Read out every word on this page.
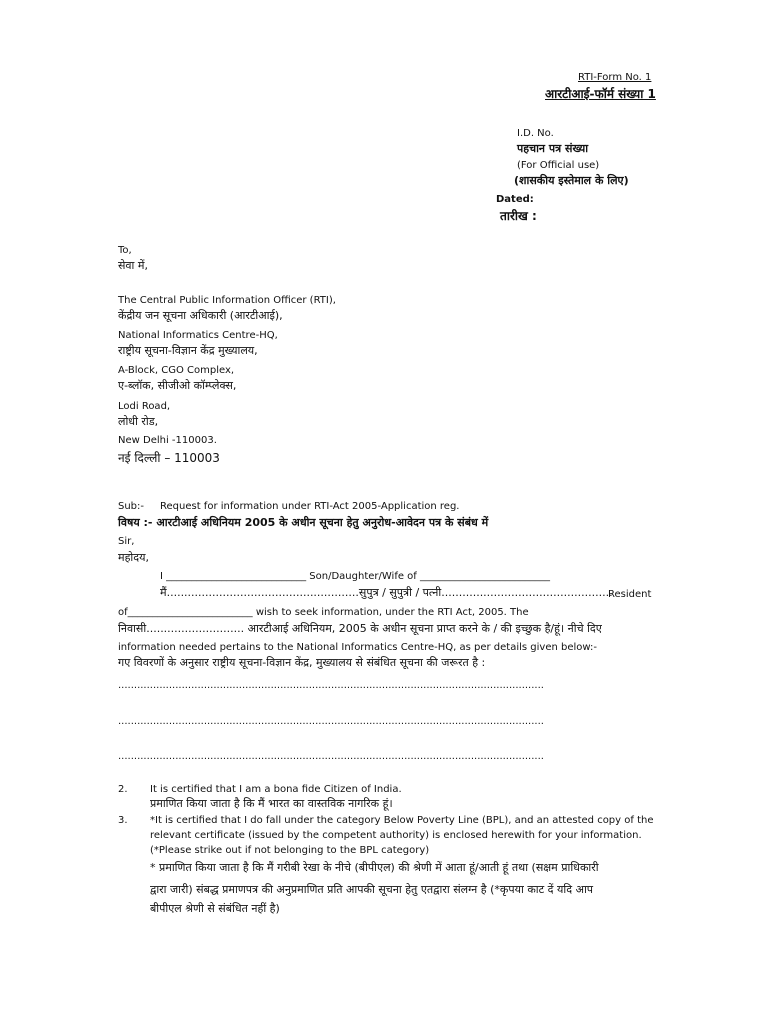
RTI-Form No. 1
आरटीआई-फॉर्म संख्या 1
I.D. No.
पहचान पत्र संख्या
(For Official use)
(शासकीय इस्तेमाल के लिए)
Dated:
तारीख :
To,
सेवा में,
The Central Public Information Officer (RTI),
केंद्रीय जन सूचना अधिकारी (आरटीआई),
National Informatics Centre-HQ,
राष्ट्रीय सूचना-विज्ञान केंद्र मुख्यालय,
A-Block, CGO Complex,
ए-ब्लॉक, सीजीओ कॉम्प्लेक्स,
Lodi Road,
लोधी रोड,
New Delhi -110003.
नई दिल्ली – 110003
Sub:- Request for information under RTI-Act 2005-Application reg.
विषय :- आरटीआई अधिनियम 2005 के अधीन सूचना हेतु अनुरोध-आवेदन पत्र के संबंध में
Sir,
महोदय,
I ____________________________ Son/Daughter/Wife of __________________________
मैं.......................................................सुपुत्र / सुपुत्री / पत्नी.................................................
Resident
of_________________________ wish to seek information, under the RTI Act, 2005. The
निवासी............................ आरटीआई अधिनियम, 2005 के अधीन सूचना प्राप्त करने के / की इच्छुक है/हूं। नीचे दिए
information needed pertains to the National Informatics Centre-HQ, as per details given below:-
गए विवरणों के अनुसार राष्ट्रीय सूचना-विज्ञान केंद्र, मुख्यालय से संबंधित सूचना की जरूरत है :
......................................................................................................................................
......................................................................................................................................
......................................................................................................................................
2. It is certified that I am a bona fide Citizen of India.
प्रमाणित किया जाता है कि मैं भारत का वास्तविक नागरिक हूं।
3. *It is certified that I do fall under the category Below Poverty Line (BPL), and an attested copy of the
relevant certificate (issued by the competent authority) is enclosed herewith for your information.
(*Please strike out if not belonging to the BPL category)
* प्रमाणित किया जाता है कि मैं गरीबी रेखा के नीचे (बीपीएल) की श्रेणी में आता हूं/आती हूं तथा (सक्षम प्राधिकारी
द्वारा जारी) संबद्ध प्रमाणपत्र की अनुप्रमाणित प्रति आपकी सूचना हेतु एतद्वारा संलग्न है (*कृपया काट दें यदि आप
बीपीएल श्रेणी से संबंधित नहीं है)
